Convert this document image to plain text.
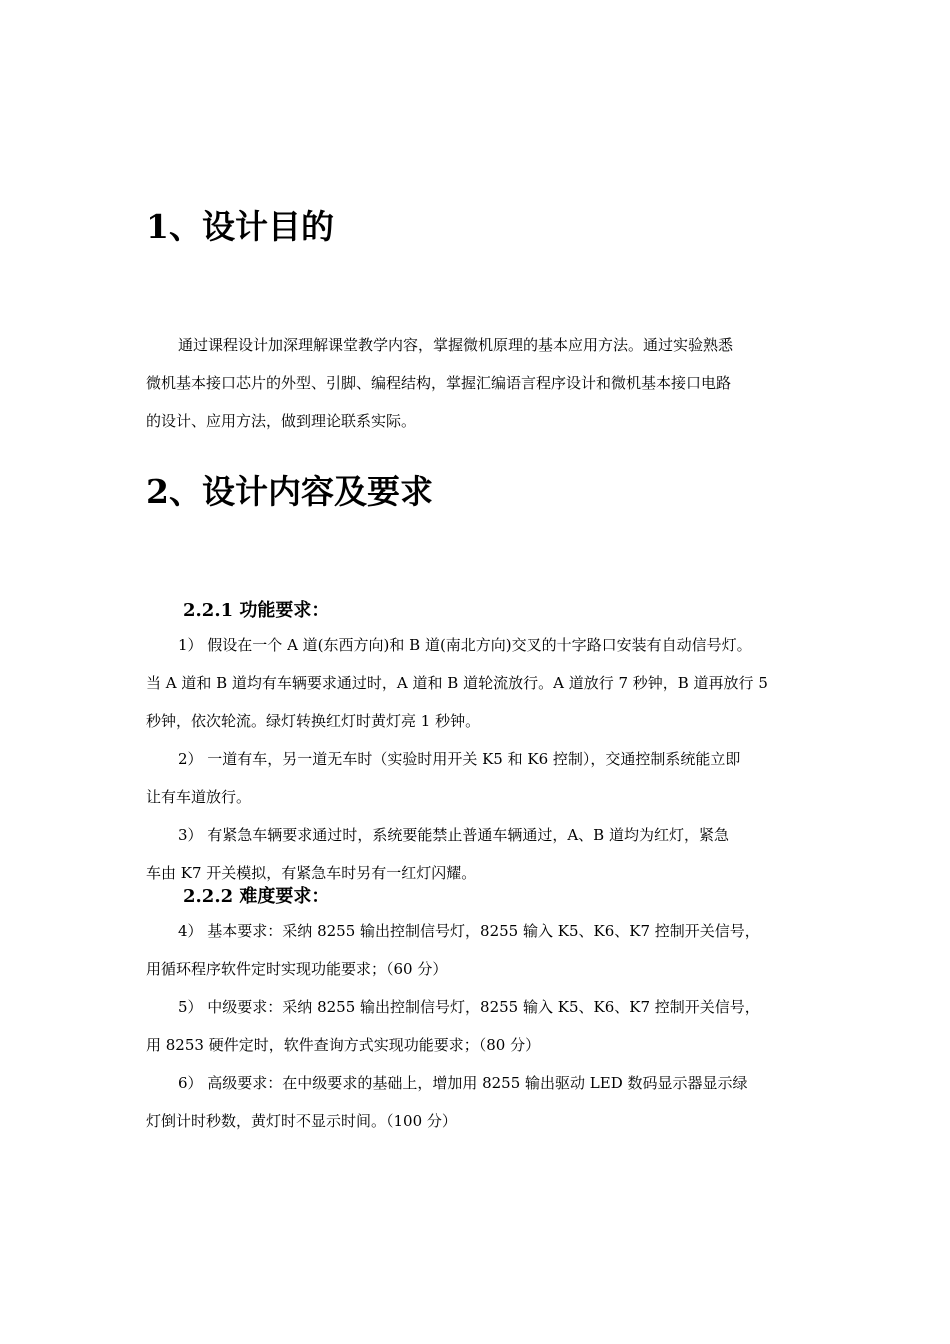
1、设计目的
通过课程设计加深理解课堂教学内容，掌握微机原理的基本应用方法。通过实验熟悉
微机基本接口芯片的外型、引脚、编程结构，掌握汇编语言程序设计和微机基本接口电路
的设计、应用方法，做到理论联系实际。
2、设计内容及要求
2.2.1 功能要求：
1） 假设在一个 A 道(东西方向)和 B 道(南北方向)交叉的十字路口安装有自动信号灯。
当 A 道和 B 道均有车辆要求通过时，A 道和 B 道轮流放行。A 道放行 7 秒钟，B 道再放行 5
秒钟，依次轮流。绿灯转换红灯时黄灯亮 1 秒钟。
2） 一道有车，另一道无车时（实验时用开关 K5 和 K6 控制），交通控制系统能立即
让有车道放行。
3） 有紧急车辆要求通过时，系统要能禁止普通车辆通过，A、B 道均为红灯，紧急
车由 K7 开关模拟，有紧急车时另有一红灯闪耀。
2.2.2 难度要求：
4） 基本要求：采纳 8255 输出控制信号灯，8255 输入 K5、K6、K7 控制开关信号，
用循环程序软件定时实现功能要求；（60 分）
5） 中级要求：采纳 8255 输出控制信号灯，8255 输入 K5、K6、K7 控制开关信号，
用 8253 硬件定时，软件查询方式实现功能要求；（80 分）
6） 高级要求：在中级要求的基础上，增加用 8255 输出驱动 LED 数码显示器显示绿
灯倒计时秒数，黄灯时不显示时间。（100 分）
